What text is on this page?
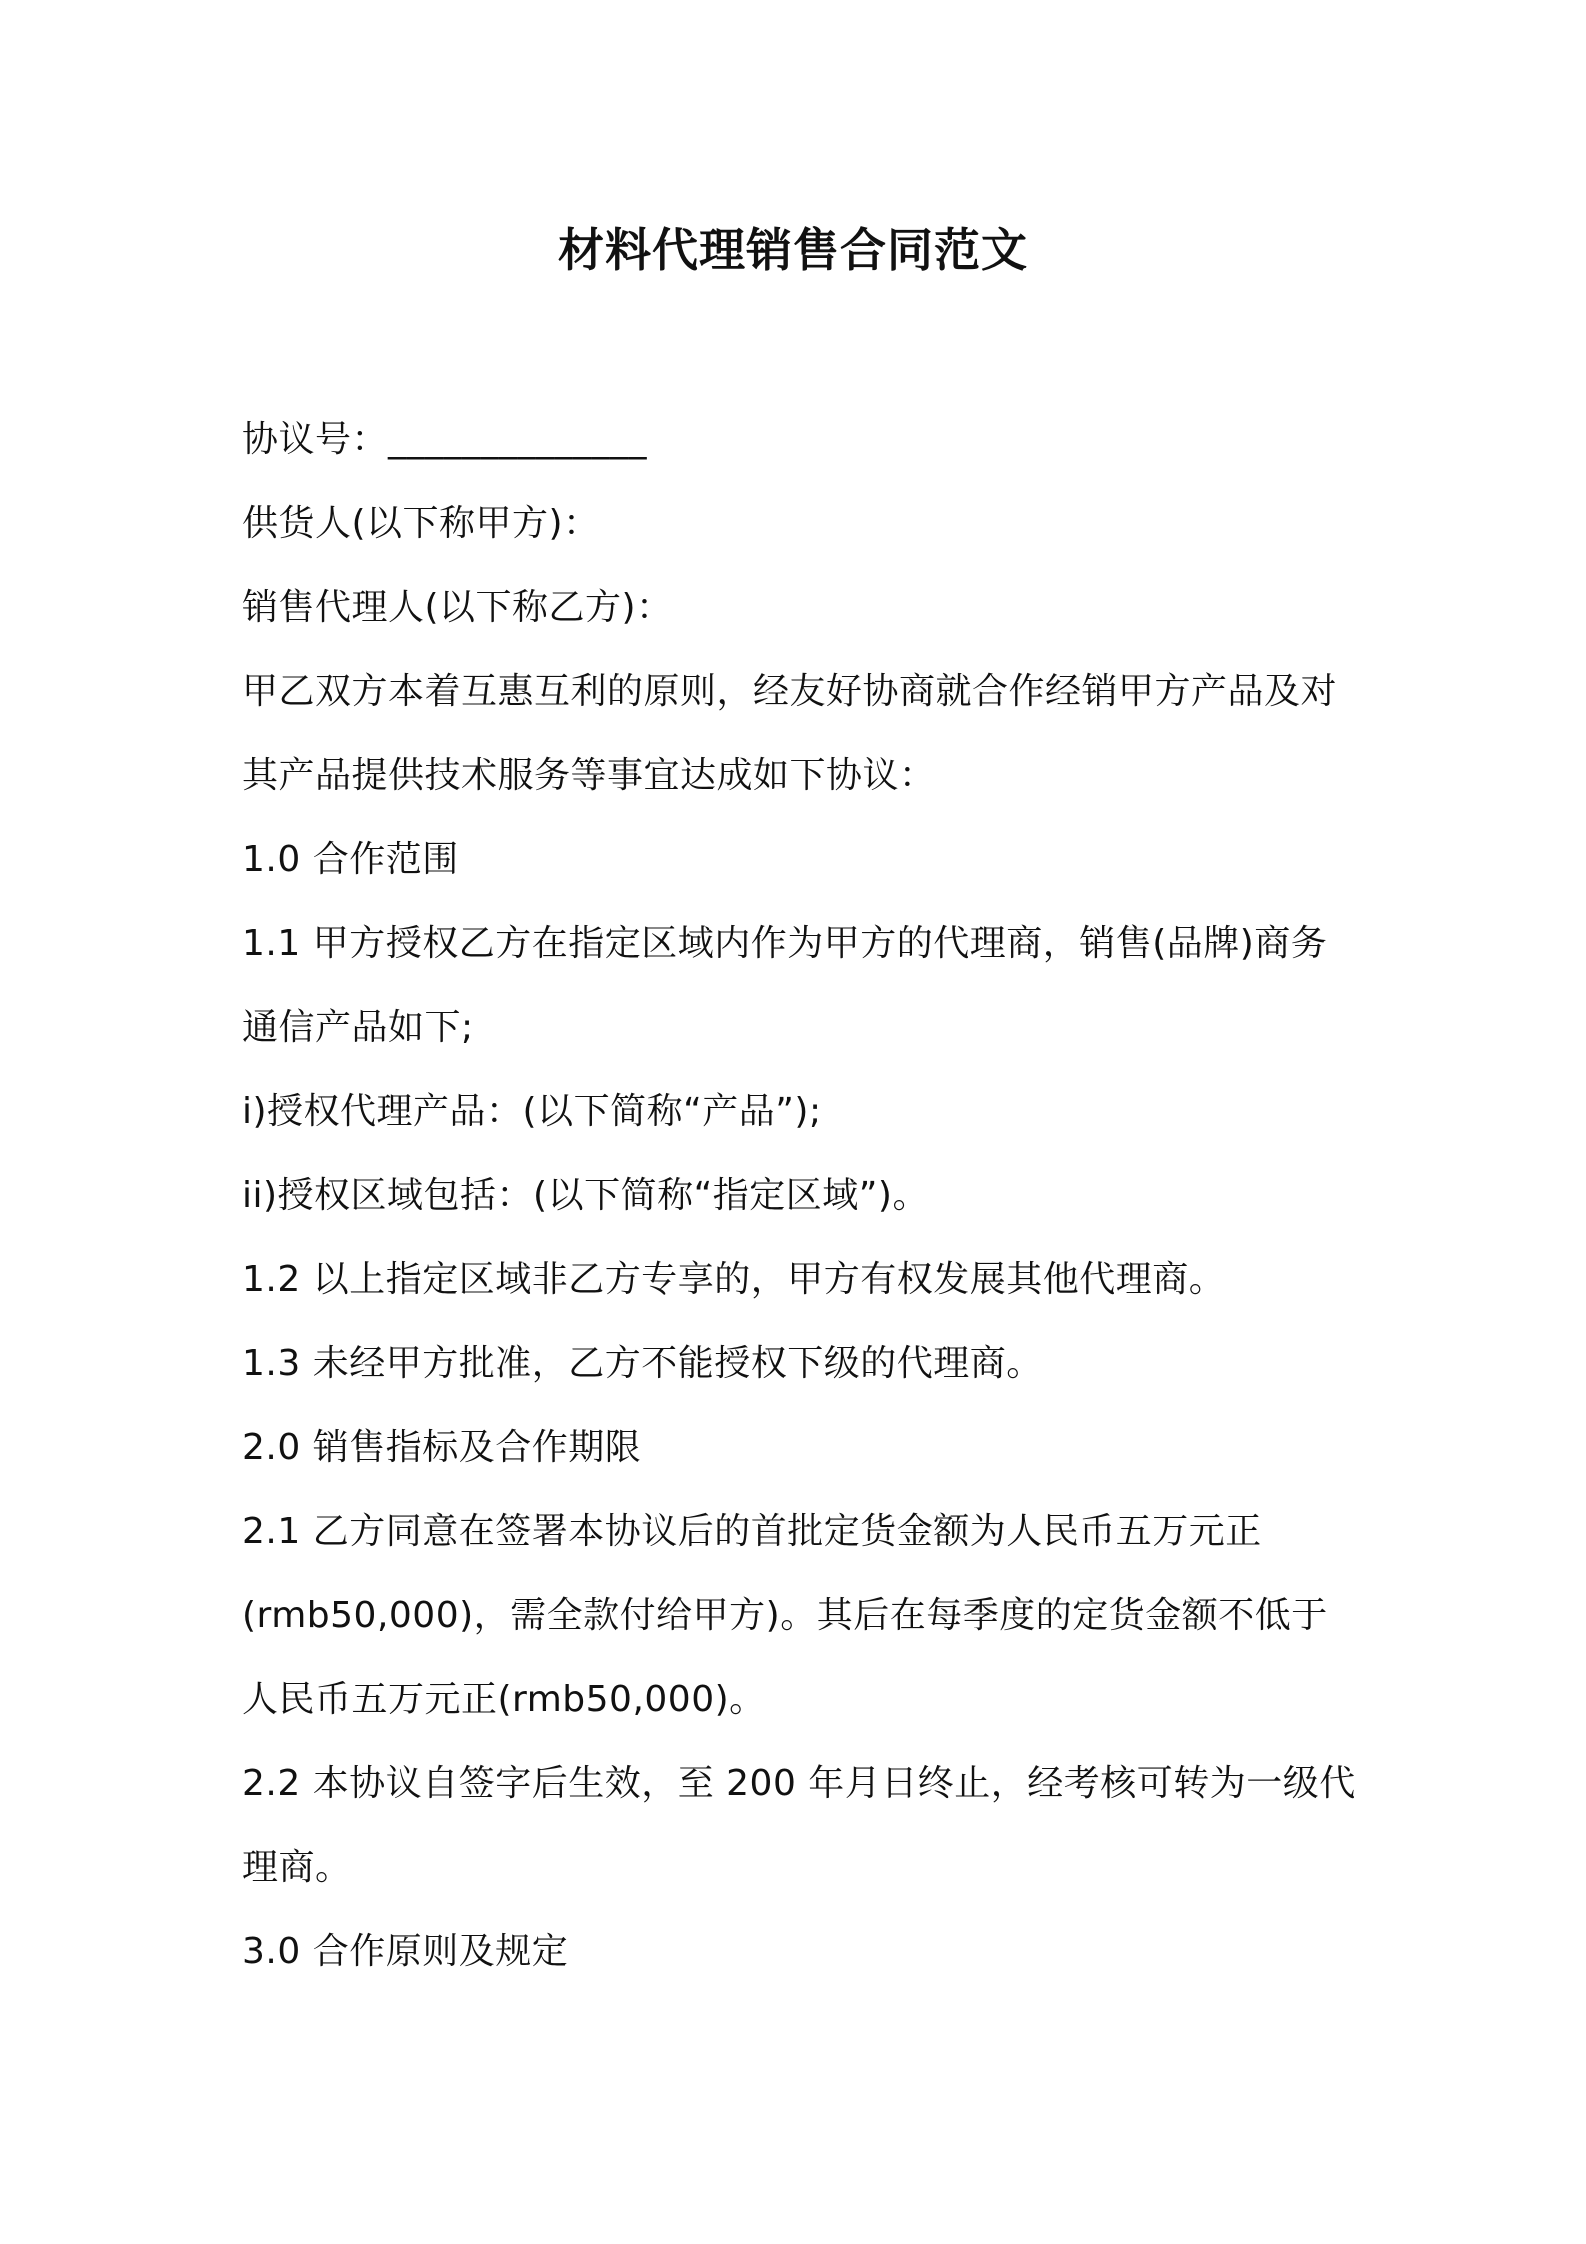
材料代理销售合同范文
协议号：______________
供货人(以下称甲方)：
销售代理人(以下称乙方)：
甲乙双方本着互惠互利的原则，经友好协商就合作经销甲方产品及对
其产品提供技术服务等事宜达成如下协议：
1.0 合作范围
1.1 甲方授权乙方在指定区域内作为甲方的代理商，销售(品牌)商务
通信产品如下;
i)授权代理产品：(以下简称“产品”);
ii)授权区域包括：(以下简称“指定区域”)。
1.2 以上指定区域非乙方专享的，甲方有权发展其他代理商。
1.3 未经甲方批准，乙方不能授权下级的代理商。
2.0 销售指标及合作期限
2.1 乙方同意在签署本协议后的首批定货金额为人民币五万元正
(rmb50,000)，需全款付给甲方)。其后在每季度的定货金额不低于
人民币五万元正(rmb50,000)。
2.2 本协议自签字后生效，至 200 年月日终止，经考核可转为一级代
理商。
3.0 合作原则及规定
